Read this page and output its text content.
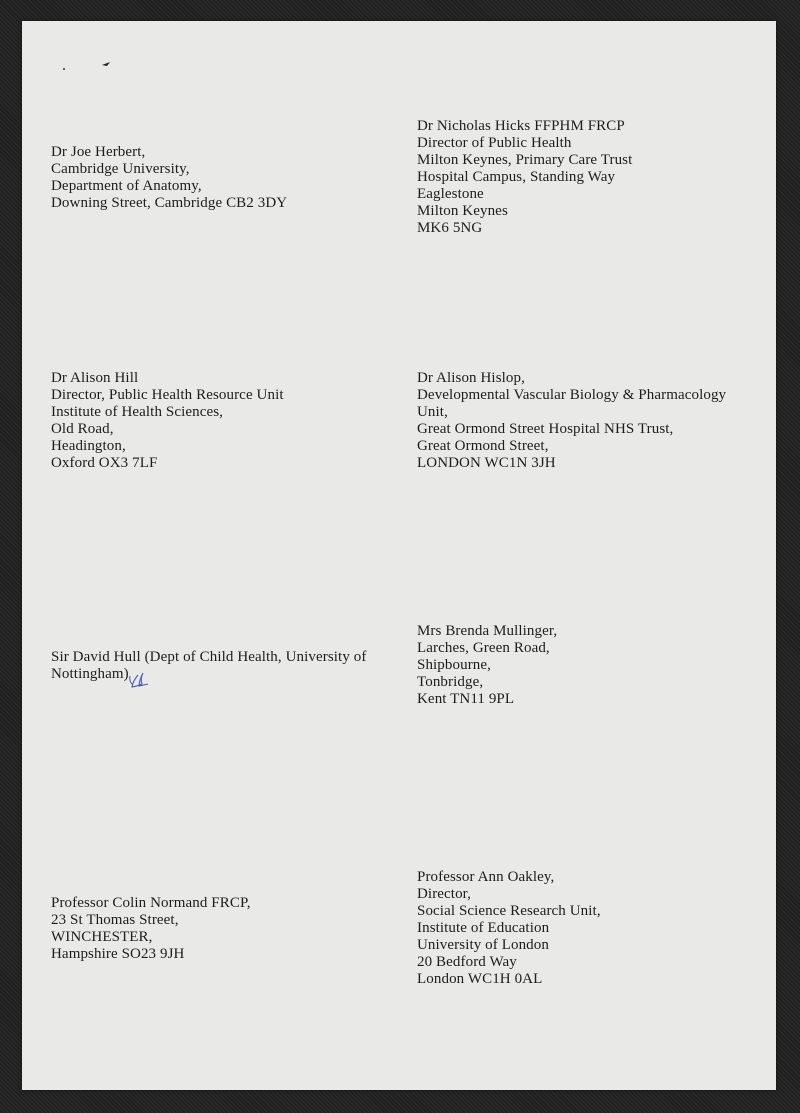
Dr Joe Herbert,
Cambridge University,
Department of Anatomy,
Downing Street, Cambridge CB2 3DY
Dr Nicholas Hicks FFPHM FRCP
Director of Public Health
Milton Keynes, Primary Care Trust
Hospital Campus, Standing Way
Eaglestone
Milton Keynes
MK6 5NG
Dr Alison Hill
Director, Public Health Resource Unit
Institute of Health Sciences,
Old Road,
Headington,
Oxford OX3 7LF
Dr Alison Hislop,
Developmental Vascular Biology & Pharmacology
Unit,
Great Ormond Street Hospital NHS Trust,
Great Ormond Street,
LONDON WC1N 3JH
Sir David Hull (Dept of Child Health, University of
Nottingham)
Mrs Brenda Mullinger,
Larches, Green Road,
Shipbourne,
Tonbridge,
Kent TN11 9PL
Professor Colin Normand FRCP,
23 St Thomas Street,
WINCHESTER,
Hampshire SO23 9JH
Professor Ann Oakley,
Director,
Social Science Research Unit,
Institute of Education
University of London
20 Bedford Way
London WC1H 0AL
